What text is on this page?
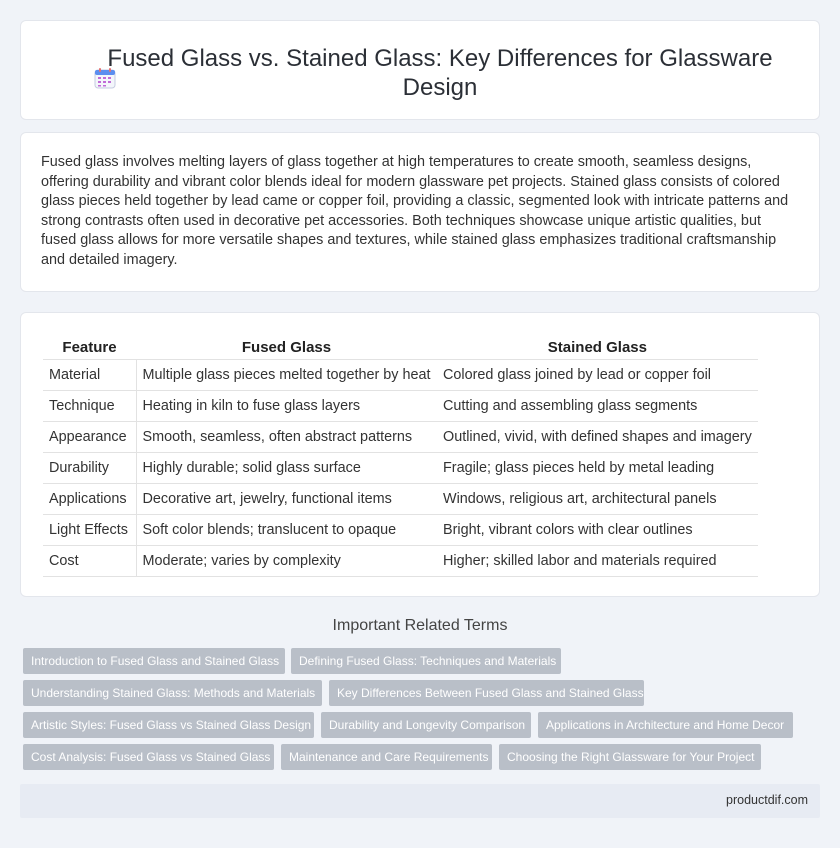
Fused Glass vs. Stained Glass: Key Differences for Glassware Design

Fused glass involves melting layers of glass together at high temperatures to create smooth, seamless designs, offering durability and vibrant color blends ideal for modern glassware pet projects. Stained glass consists of colored glass pieces held together by lead came or copper foil, providing a classic, segmented look with intricate patterns and strong contrasts often used in decorative pet accessories. Both techniques showcase unique artistic qualities, but fused glass allows for more versatile shapes and textures, while stained glass emphasizes traditional craftsmanship and detailed imagery.

Feature	Fused Glass	Stained Glass
Material	Multiple glass pieces melted together by heat	Colored glass joined by lead or copper foil
Technique	Heating in kiln to fuse glass layers	Cutting and assembling glass segments
Appearance	Smooth, seamless, often abstract patterns	Outlined, vivid, with defined shapes and imagery
Durability	Highly durable; solid glass surface	Fragile; glass pieces held by metal leading
Applications	Decorative art, jewelry, functional items	Windows, religious art, architectural panels
Light Effects	Soft color blends; translucent to opaque	Bright, vibrant colors with clear outlines
Cost	Moderate; varies by complexity	Higher; skilled labor and materials required
Important Related Terms
Introduction to Fused Glass and Stained Glass	Defining Fused Glass: Techniques and Materials
Understanding Stained Glass: Methods and Materials	Key Differences Between Fused Glass and Stained Glass
Artistic Styles: Fused Glass vs Stained Glass Design	Durability and Longevity Comparison	Applications in Architecture and Home Decor
Cost Analysis: Fused Glass vs Stained Glass	Maintenance and Care Requirements	Choosing the Right Glassware for Your Project
productdif.com
